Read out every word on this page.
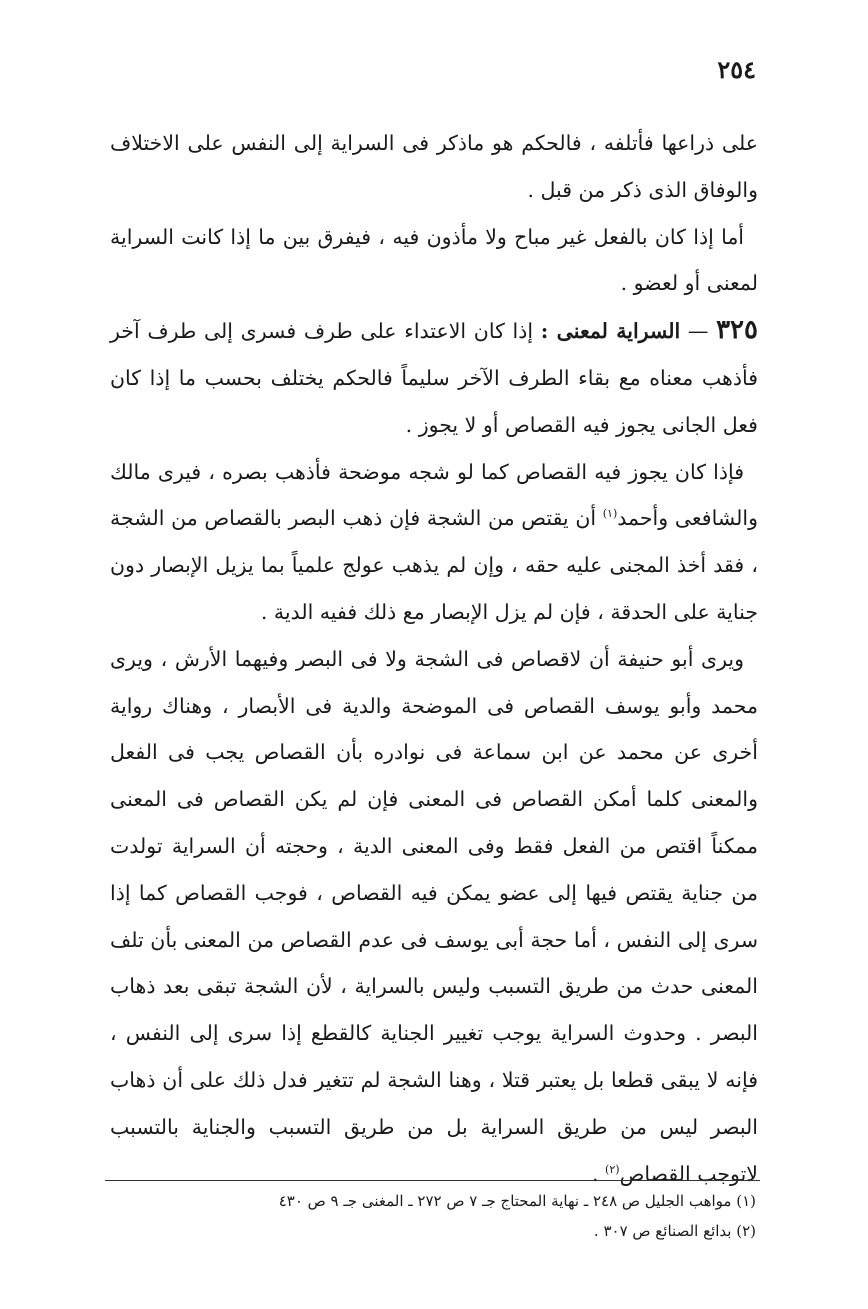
٢٥٤

على ذراعها فأتلفه ، فالحكم هو ماذكر فى السراية إلى النفس على الاختلاف والوفاق الذى ذكر من قبل .

أما إذا كان بالفعل غير مباح ولا مأذون فيه ، فيفرق بين ما إذا كانت السراية لمعنى أو لعضو .

٣٢٥ — السراية لمعنى : إذا كان الاعتداء على طرف فسرى إلى طرف آخر فأذهب معناه مع بقاء الطرف الآخر سليماً فالحكم يختلف بحسب ما إذا كان فعل الجانى يجوز فيه القصاص أو لا يجوز .

فإذا كان يجوز فيه القصاص كما لو شجه موضحة فأذهب بصره ، فيرى مالك والشافعى وأحمد$^{(١)}$ أن يقتص من الشجة فإن ذهب البصر بالقصاص من الشجة ، فقد أخذ المجنى عليه حقه ، وإن لم يذهب عولج علمياً بما يزيل الإبصار دون جناية على الحدقة ، فإن لم يزل الإبصار مع ذلك ففيه الدية .

ويرى أبو حنيفة أن لاقصاص فى الشجة ولا فى البصر وفيهما الأرش ، ويرى محمد وأبو يوسف القصاص فى الموضحة والدية فى الأبصار ، وهناك رواية أخرى عن محمد عن ابن سماعة فى نوادره بأن القصاص يجب فى الفعل والمعنى كلما أمكن القصاص فى المعنى فإن لم يكن القصاص فى المعنى ممكناً اقتص من الفعل فقط وفى المعنى الدية ، وحجته أن السراية تولدت من جناية يقتص فيها إلى عضو يمكن فيه القصاص ، فوجب القصاص كما إذا سرى إلى النفس ، أما حجة أبى يوسف فى عدم القصاص من المعنى بأن تلف المعنى حدث من طريق التسبب وليس بالسراية ، لأن الشجة تبقى بعد ذهاب البصر . وحدوث السراية يوجب تغيير الجناية كالقطع إذا سرى إلى النفس ، فإنه لا يبقى قطعا بل يعتبر قتلا ، وهنا الشجة لم تتغير فدل ذلك على أن ذهاب البصر ليس من طريق السراية بل من طريق التسبب والجناية بالتسبب لاتوجب القصاص$^{(٢)}$ .

(١) مواهب الجليل ص ٢٤٨ ـ نهاية المحتاج جـ ٧ ص ٢٧٢ ـ المغنى جـ ٩ ص ٤٣٠

(٢) بدائع الصنائع ص ٣٠٧ .
